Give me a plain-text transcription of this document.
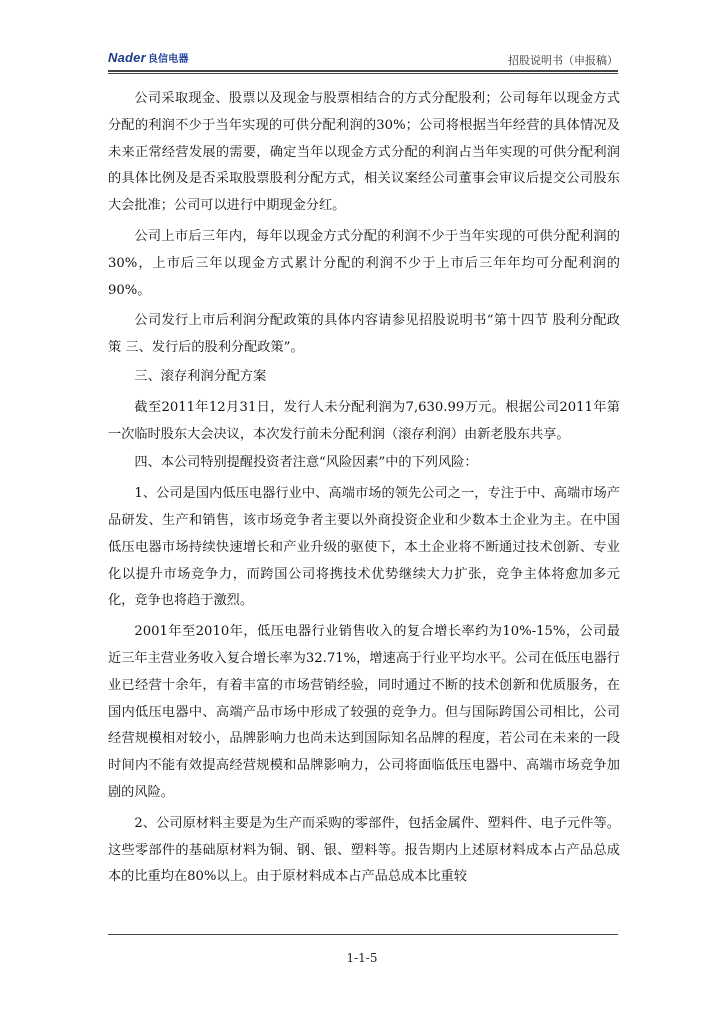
Nader 良信电器	招股说明书（申报稿）

公司采取现金、股票以及现金与股票相结合的方式分配股利；公司每年以现金方式分配的利润不少于当年实现的可供分配利润的30%；公司将根据当年经营的具体情况及未来正常经营发展的需要，确定当年以现金方式分配的利润占当年实现的可供分配利润的具体比例及是否采取股票股利分配方式，相关议案经公司董事会审议后提交公司股东大会批准；公司可以进行中期现金分红。

公司上市后三年内，每年以现金方式分配的利润不少于当年实现的可供分配利润的30%，上市后三年以现金方式累计分配的利润不少于上市后三年年均可分配利润的90%。

公司发行上市后利润分配政策的具体内容请参见招股说明书“第十四节 股利分配政策 三、发行后的股利分配政策”。

三、滚存利润分配方案

截至2011年12月31日，发行人未分配利润为7,630.99万元。根据公司2011年第一次临时股东大会决议，本次发行前未分配利润（滚存利润）由新老股东共享。

四、本公司特别提醒投资者注意“风险因素”中的下列风险：

1、公司是国内低压电器行业中、高端市场的领先公司之一，专注于中、高端市场产品研发、生产和销售，该市场竞争者主要以外商投资企业和少数本土企业为主。在中国低压电器市场持续快速增长和产业升级的驱使下，本土企业将不断通过技术创新、专业化以提升市场竞争力，而跨国公司将携技术优势继续大力扩张，竞争主体将愈加多元化，竞争也将趋于激烈。

2001年至2010年，低压电器行业销售收入的复合增长率约为10%-15%，公司最近三年主营业务收入复合增长率为32.71%，增速高于行业平均水平。公司在低压电器行业已经营十余年，有着丰富的市场营销经验，同时通过不断的技术创新和优质服务，在国内低压电器中、高端产品市场中形成了较强的竞争力。但与国际跨国公司相比，公司经营规模相对较小，品牌影响力也尚未达到国际知名品牌的程度，若公司在未来的一段时间内不能有效提高经营规模和品牌影响力，公司将面临低压电器中、高端市场竞争加剧的风险。

2、公司原材料主要是为生产而采购的零部件，包括金属件、塑料件、电子元件等。这些零部件的基础原材料为铜、钢、银、塑料等。报告期内上述原材料成本占产品总成本的比重均在80%以上。由于原材料成本占产品总成本比重较

1-1-5
